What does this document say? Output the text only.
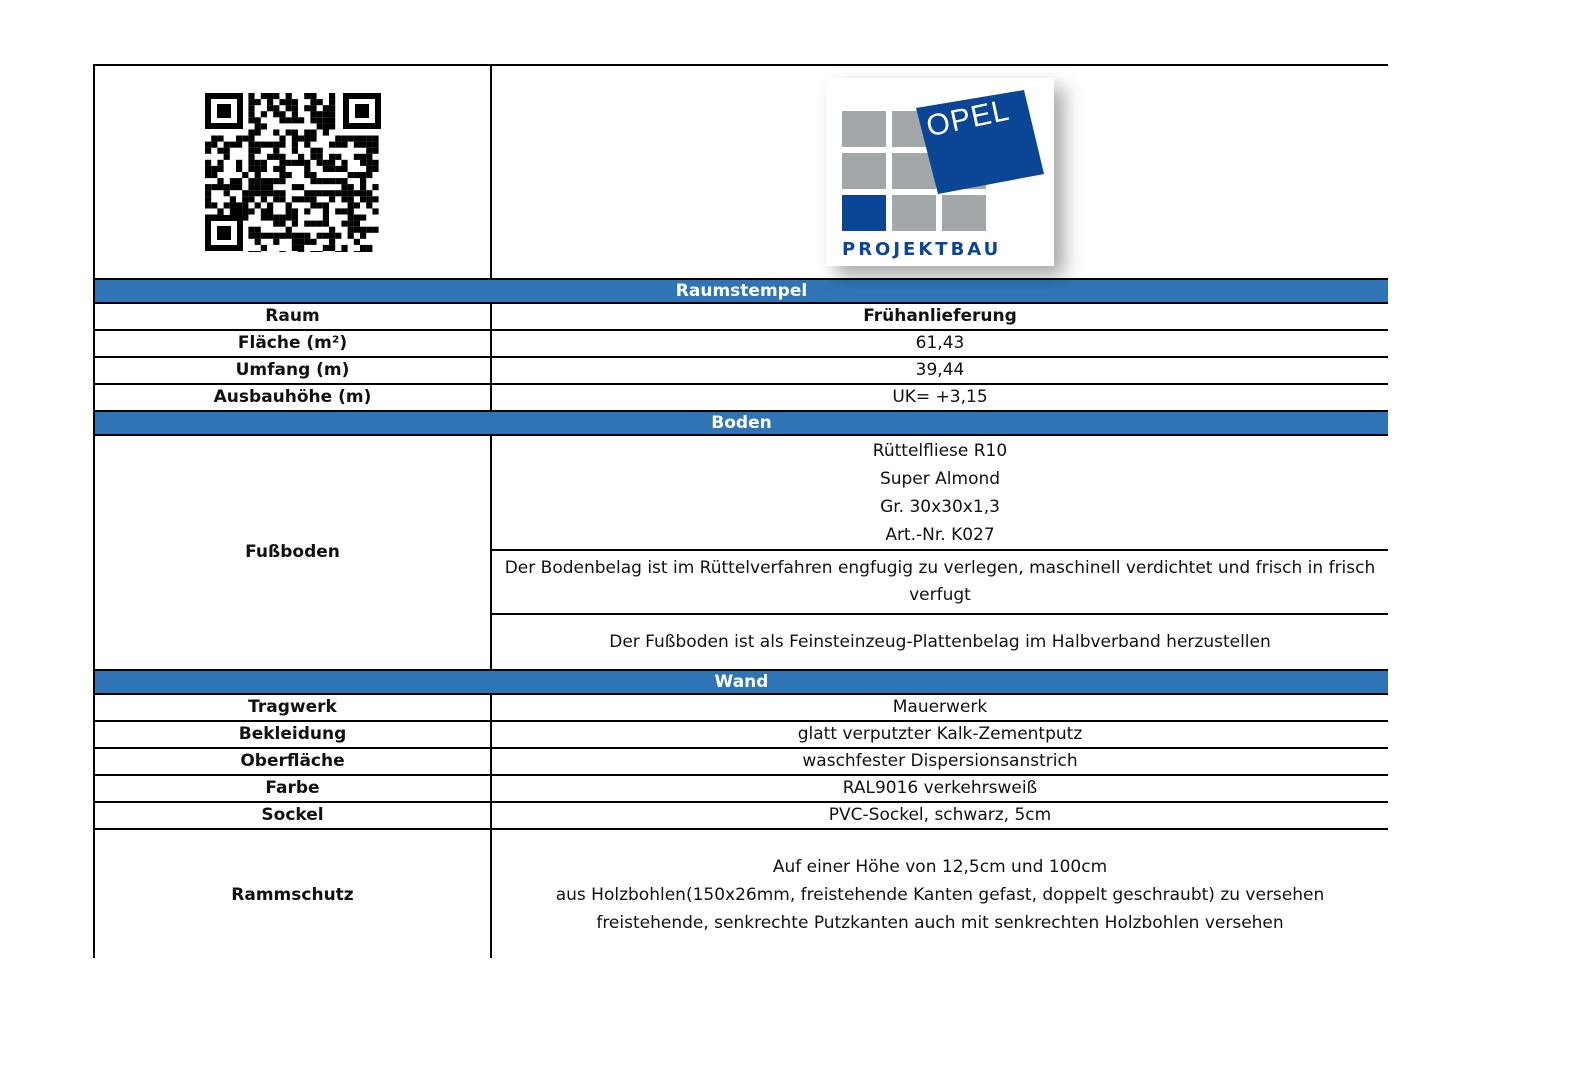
OPEL
PROJEKTBAU

Raumstempel	
Raum	Frühanlieferung
Fläche (m²)	61,43
Umfang (m)	39,44
Ausbauhöhe (m)	UK= +3,15
Boden	
Fußboden	Rüttelfliese R10
Super Almond
Gr. 30x30x1,3
Art.-Nr. K027

	Der Bodenbelag ist im Rüttelverfahren engfugig zu verlegen, maschinell verdichtet und frisch in frisch verfugt
	Der Fußboden ist als Feinsteinzeug-Plattenbelag im Halbverband herzustellen
Wand	
Tragwerk	Mauerwerk
Bekleidung	glatt verputzter Kalk-Zementputz
Oberfläche	waschfester Dispersionsanstrich
Farbe	RAL9016 verkehrsweiß
Sockel	PVC-Sockel, schwarz, 5cm
Rammschutz	Auf einer Höhe von 12,5cm und 100cm
aus Holzbohlen(150x26mm, freistehende Kanten gefast, doppelt geschraubt) zu versehen
freistehende, senkrechte Putzkanten auch mit senkrechten Holzbohlen versehen
